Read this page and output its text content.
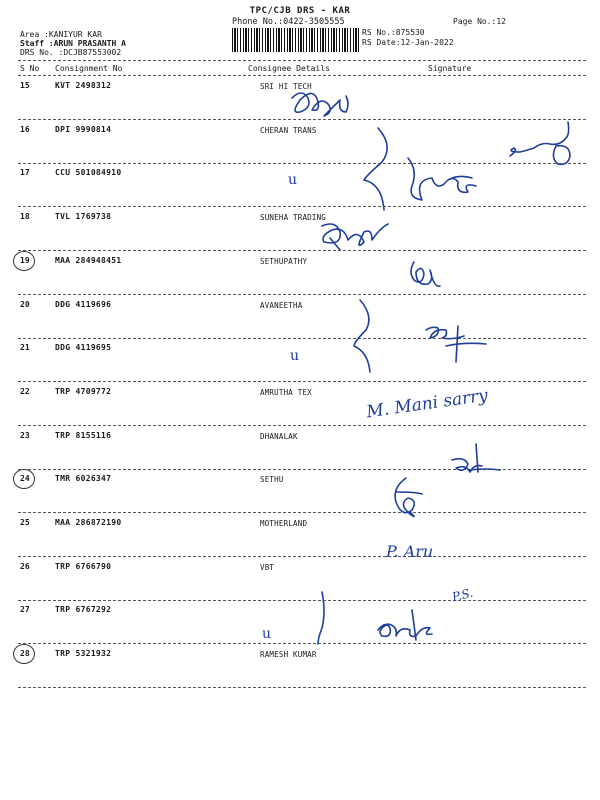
TPC/CJB DRS - KAR
Phone No.:0422-3505555	Page No.:12
RS No.:875530
RS Date:12-Jan-2022
Area :KANIYUR KAR
Staff :ARUN PRASANTH A
DRS No. :DCJB87553002
S No Consignment No	Consignee Details	Signature
15	KVT 2498312	SRI HI TECH
16	DPI 9990814	CHERAN TRANS
17	CCU 501084910
18	TVL 1769738	SUNEHA TRADING
19	MAA 284948451	SETHUPATHY
20	DDG 4119696	AVANEETHA
21	DDG 4119695
22	TRP 4709772	AMRUTHA TEX
23	TRP 8155116	DHANALAK
24	TMR 6026347	SETHU
25	MAA 286872190	MOTHERLAND
26	TRP 6766790	VBT
27	TRP 6767292
28	TRP 5321932	RAMESH KUMAR
M. Mani sarry
P. Aru
P.S.
u
u
u
